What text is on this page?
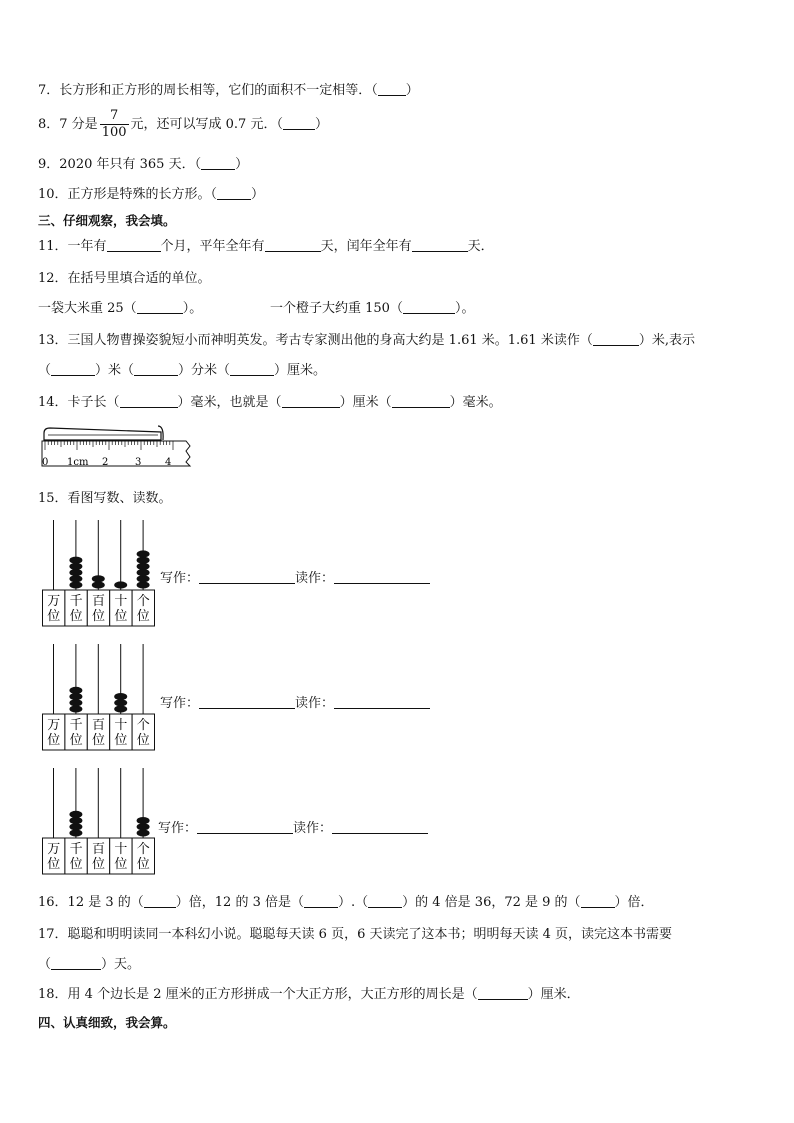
7．长方形和正方形的周长相等，它们的面积不一定相等．（ ）
8．7 分是 $\frac{7}{100}$ 元，还可以写成 0.7 元．（ ）
9．2020 年只有 365 天．（	）
10．正方形是特殊的长方形。（	）
三、仔细观察，我会填。
11．一年有	个月，平年全年有	天，闰年全年有	天．
12．在括号里填合适的单位。
一袋大米重 25（	）。	一个橙子大约重 150（	）。
13．三国人物曹操姿貌短小而神明英发。考古专家测出他的身高大约是 1.61 米。1.61 米读作（	）米,表示
（	）米（	）分米（	）厘米。
14．卡子长（	）毫米，也就是（	）厘米（	）毫米。
0 1cm 2	3 4
15．看图写数、读数。
万
位
千
位
百
位
十
位
个
位
写作：	读作：
万
位
千
位
百
位
十
位
个
位
写作：	读作：
万
位
千
位
百
位
十
位
个
位
写作：	读作：
16．12 是 3 的（ ）倍，12 的 3 倍是（	）.（	）的 4 倍是 36，72 是 9 的（	）倍．
17．聪聪和明明读同一本科幻小说。聪聪每天读 6 页，6 天读完了这本书；明明每天读 4 页，读完这本书需要
（	）天。
18．用 4 个边长是 2 厘米的正方形拼成一个大正方形，大正方形的周长是（	）厘米．
四、认真细致，我会算。
